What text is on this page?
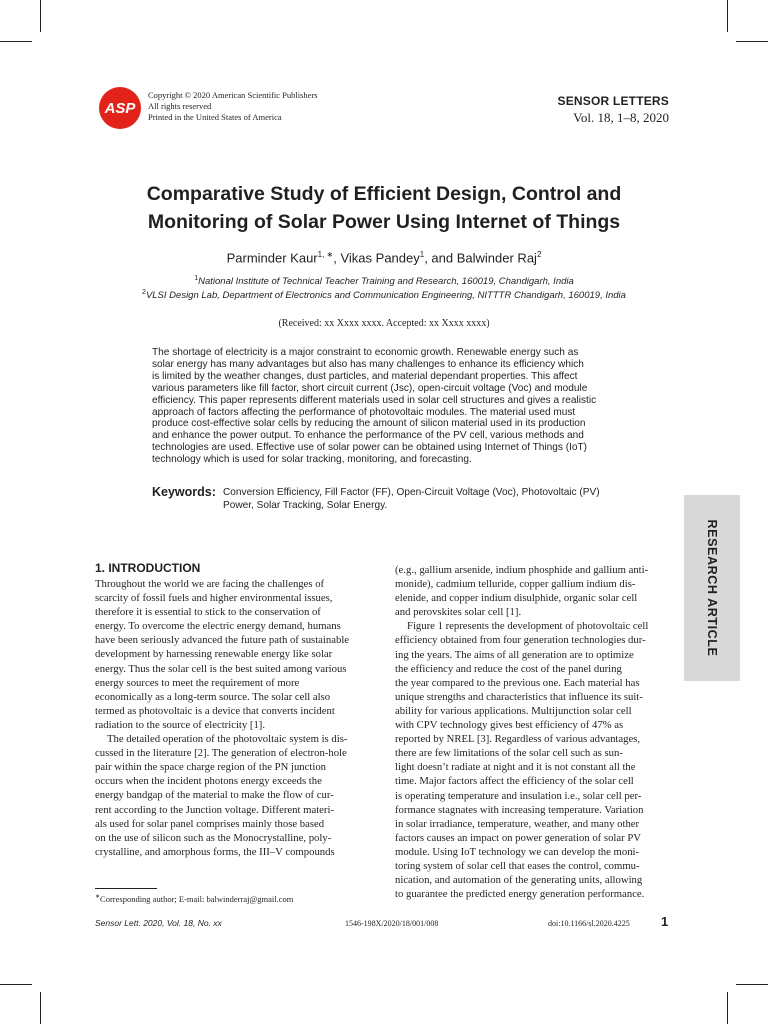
ASP
Copyright © 2020 American Scientific Publishers
All rights reserved
Printed in the United States of America
SENSOR LETTERS
Vol. 18, 1–8, 2020
Comparative Study of Efficient Design, Control and
Monitoring of Solar Power Using Internet of Things
Parminder Kaur$^{1, ∗}$, Vikas Pandey$^1$, and Balwinder Raj$^2$
$^1$National Institute of Technical Teacher Training and Research, 160019, Chandigarh, India
$^2$VLSI Design Lab, Department of Electronics and Communication Engineering, NITTTR Chandigarh, 160019, India
(Received: xx Xxxx xxxx. Accepted: xx Xxxx xxxx)
The shortage of electricity is a major constraint to economic growth. Renewable energy such as
solar energy has many advantages but also has many challenges to enhance its efficiency which
is limited by the weather changes, dust particles, and material dependant properties. This affect
various parameters like fill factor, short circuit current (Jsc), open-circuit voltage (Voc) and module
efficiency. This paper represents different materials used in solar cell structures and gives a realistic
approach of factors affecting the performance of photovoltaic modules. The material used must
produce cost-effective solar cells by reducing the amount of silicon material used in its production
and enhance the power output. To enhance the performance of the PV cell, various methods and
technologies are used. Effective use of solar power can be obtained using Internet of Things (IoT)
technology which is used for solar tracking, monitoring, and forecasting.
Keywords: Conversion Efficiency, Fill Factor (FF), Open-Circuit Voltage (Voc), Photovoltaic (PV)
Power, Solar Tracking, Solar Energy.
RESEARCH ARTICLE
1. INTRODUCTION
Throughout the world we are facing the challenges of
scarcity of fossil fuels and higher environmental issues,
therefore it is essential to stick to the conservation of
energy. To overcome the electric energy demand, humans
have been seriously advanced the future path of sustainable
development by harnessing renewable energy like solar
energy. Thus the solar cell is the best suited among various
energy sources to meet the requirement of more
economically as a long-term source. The solar cell also
termed as photovoltaic is a device that converts incident
radiation to the source of electricity [1].
The detailed operation of the photovoltaic system is dis-
cussed in the literature [2]. The generation of electron-hole
pair within the space charge region of the PN junction
occurs when the incident photons energy exceeds the
energy bandgap of the material to make the flow of cur-
rent according to the Junction voltage. Different materi-
als used for solar panel comprises mainly those based
on the use of silicon such as the Monocrystalline, poly-
crystalline, and amorphous forms, the III–V compounds
(e.g., gallium arsenide, indium phosphide and gallium anti-
monide), cadmium telluride, copper gallium indium dis-
elenide, and copper indium disulphide, organic solar cell
and perovskites solar cell [1].
Figure 1 represents the development of photovoltaic cell
efficiency obtained from four generation technologies dur-
ing the years. The aims of all generation are to optimize
the efficiency and reduce the cost of the panel during
the year compared to the previous one. Each material has
unique strengths and characteristics that influence its suit-
ability for various applications. Multijunction solar cell
with CPV technology gives best efficiency of 47% as
reported by NREL [3]. Regardless of various advantages,
there are few limitations of the solar cell such as sun-
light doesn’t radiate at night and it is not constant all the
time. Major factors affect the efficiency of the solar cell
is operating temperature and insulation i.e., solar cell per-
formance stagnates with increasing temperature. Variation
in solar irradiance, temperature, weather, and many other
factors causes an impact on power generation of solar PV
module. Using IoT technology we can develop the moni-
toring system of solar cell that eases the control, commu-
nication, and automation of the generating units, allowing
to guarantee the predicted energy generation performance.
∗Corresponding author; E-mail: balwinderraj@gmail.com
Sensor Lett. 2020, Vol. 18, No. xx	1546-198X/2020/18/001/008	doi:10.1166/sl.2020.4225 1
